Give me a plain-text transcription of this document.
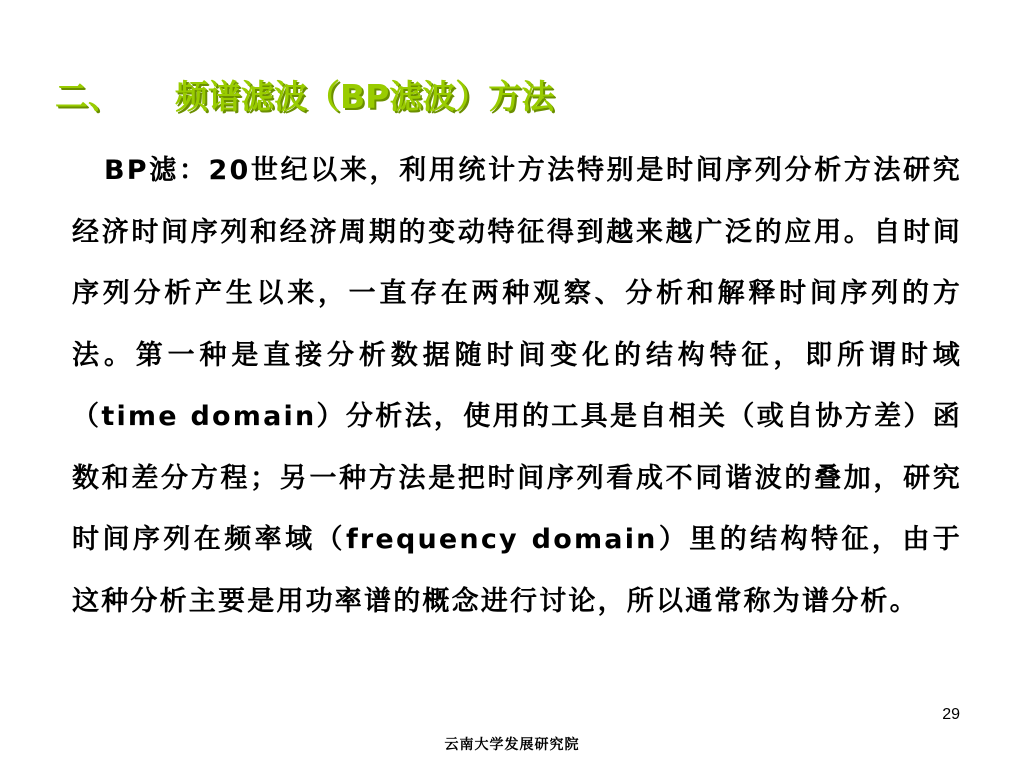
二、 频谱滤波（BP滤波）方法

BP滤：20世纪以来，利用统计方法特别是时间序列分析方法研究经济时间序列和经济周期的变动特征得到越来越广泛的应用。自时间序列分析产生以来，一直存在两种观察、分析和解释时间序列的方法。第一种是直接分析数据随时间变化的结构特征，即所谓时域（time domain）分析法，使用的工具是自相关（或自协方差）函数和差分方程；另一种方法是把时间序列看成不同谐波的叠加，研究时间序列在频率域（frequency domain）里的结构特征，由于这种分析主要是用功率谱的概念进行讨论，所以通常称为谱分析。

29
云南大学发展研究院
